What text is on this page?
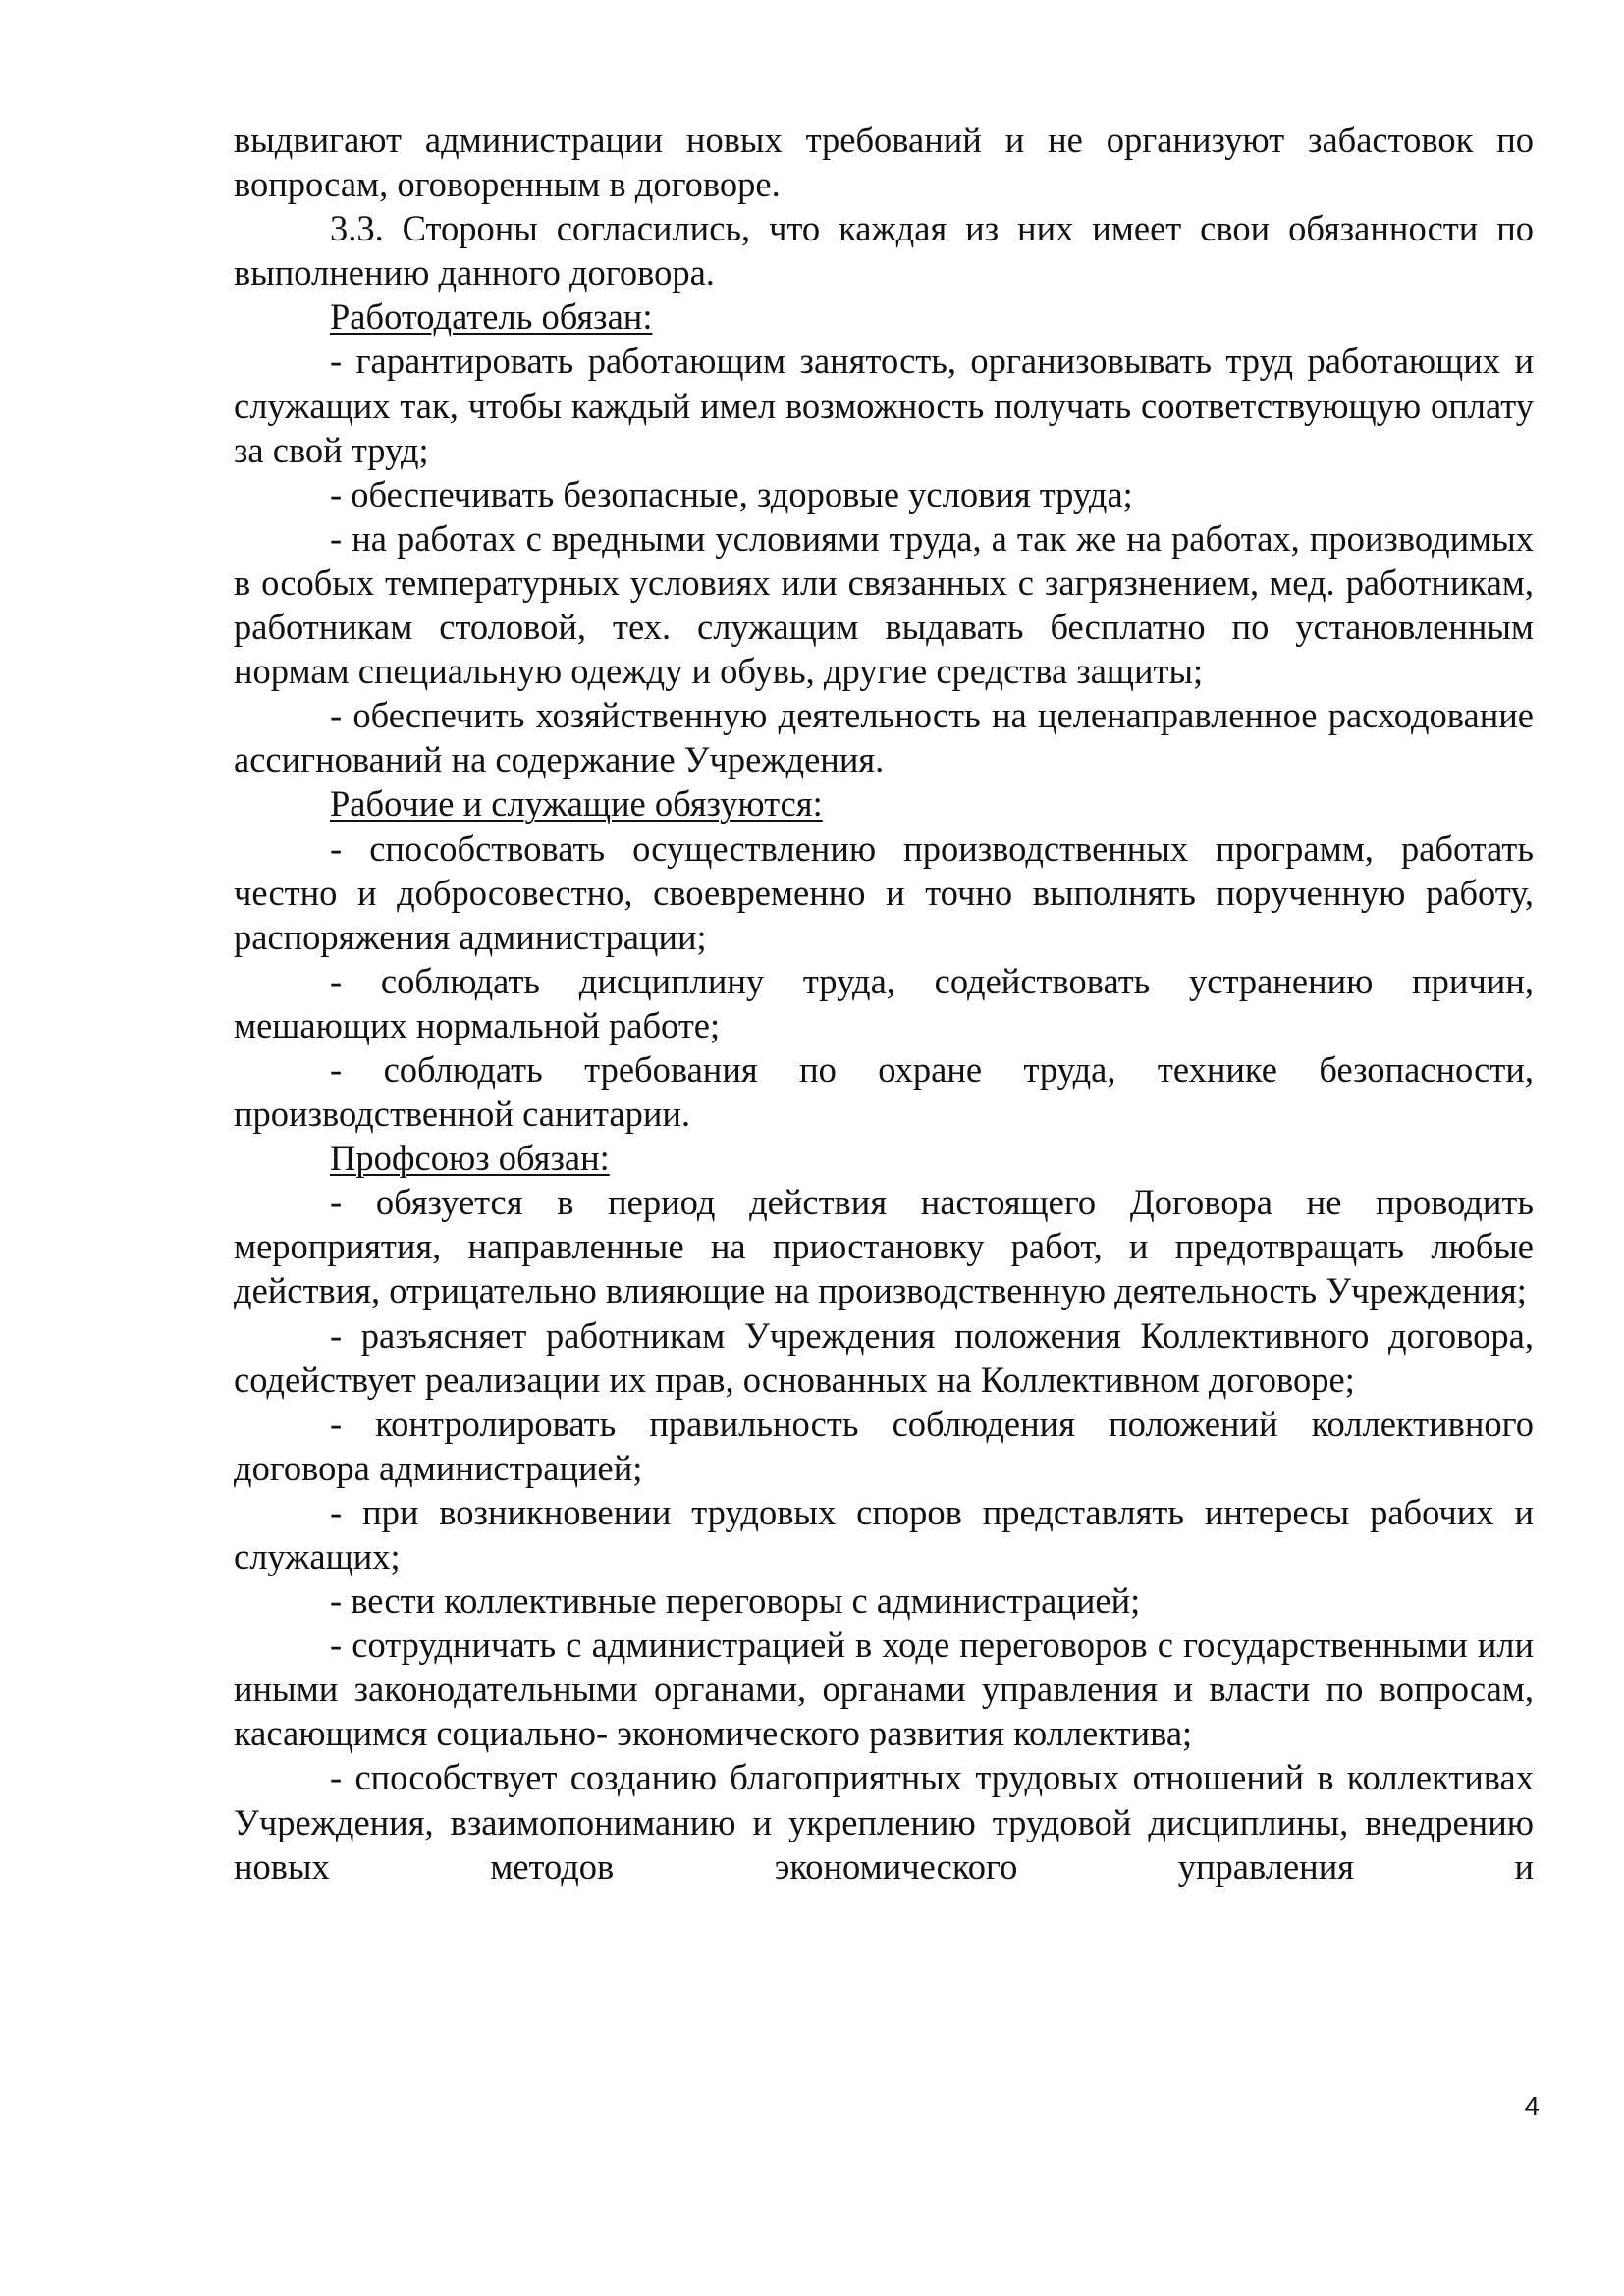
выдвигают администрации новых требований и не организуют забастовок по вопросам, оговоренным в договоре.

3.3. Стороны согласились, что каждая из них имеет свои обязанности по выполнению данного договора.

Работодатель обязан:

- гарантировать работающим занятость, организовывать труд работающих и служащих так, чтобы каждый имел возможность получать соответствующую оплату за свой труд;

- обеспечивать безопасные, здоровые условия труда;

- на работах с вредными условиями труда, а так же на работах, производимых в особых температурных условиях или связанных с загрязнением, мед. работникам, работникам столовой, тех. служащим выдавать бесплатно по установленным нормам специальную одежду и обувь, другие средства защиты;

- обеспечить хозяйственную деятельность на целенаправленное расходование ассигнований на содержание Учреждения.

Рабочие и служащие обязуются:

- способствовать осуществлению производственных программ, работать честно и добросовестно, своевременно и точно выполнять порученную работу, распоряжения администрации;

- соблюдать дисциплину труда, содействовать устранению причин, мешающих нормальной работе;

- соблюдать требования по охране труда, технике безопасности, производственной санитарии.

Профсоюз обязан:

- обязуется в период действия настоящего Договора не проводить мероприятия, направленные на приостановку работ, и предотвращать любые действия, отрицательно влияющие на производственную деятельность Учреждения;

- разъясняет работникам Учреждения положения Коллективного договора, содействует реализации их прав, основанных на Коллективном договоре;

- контролировать правильность соблюдения положений коллективного договора администрацией;

- при возникновении трудовых споров представлять интересы рабочих и служащих;

- вести коллективные переговоры с администрацией;

- сотрудничать с администрацией в ходе переговоров с государственными или иными законодательными органами, органами управления и власти по вопросам, касающимся социально- экономического развития коллектива;

- способствует созданию благоприятных трудовых отношений в коллективах Учреждения, взаимопониманию и укреплению трудовой дисциплины, внедрению новых методов экономического управления и

4
